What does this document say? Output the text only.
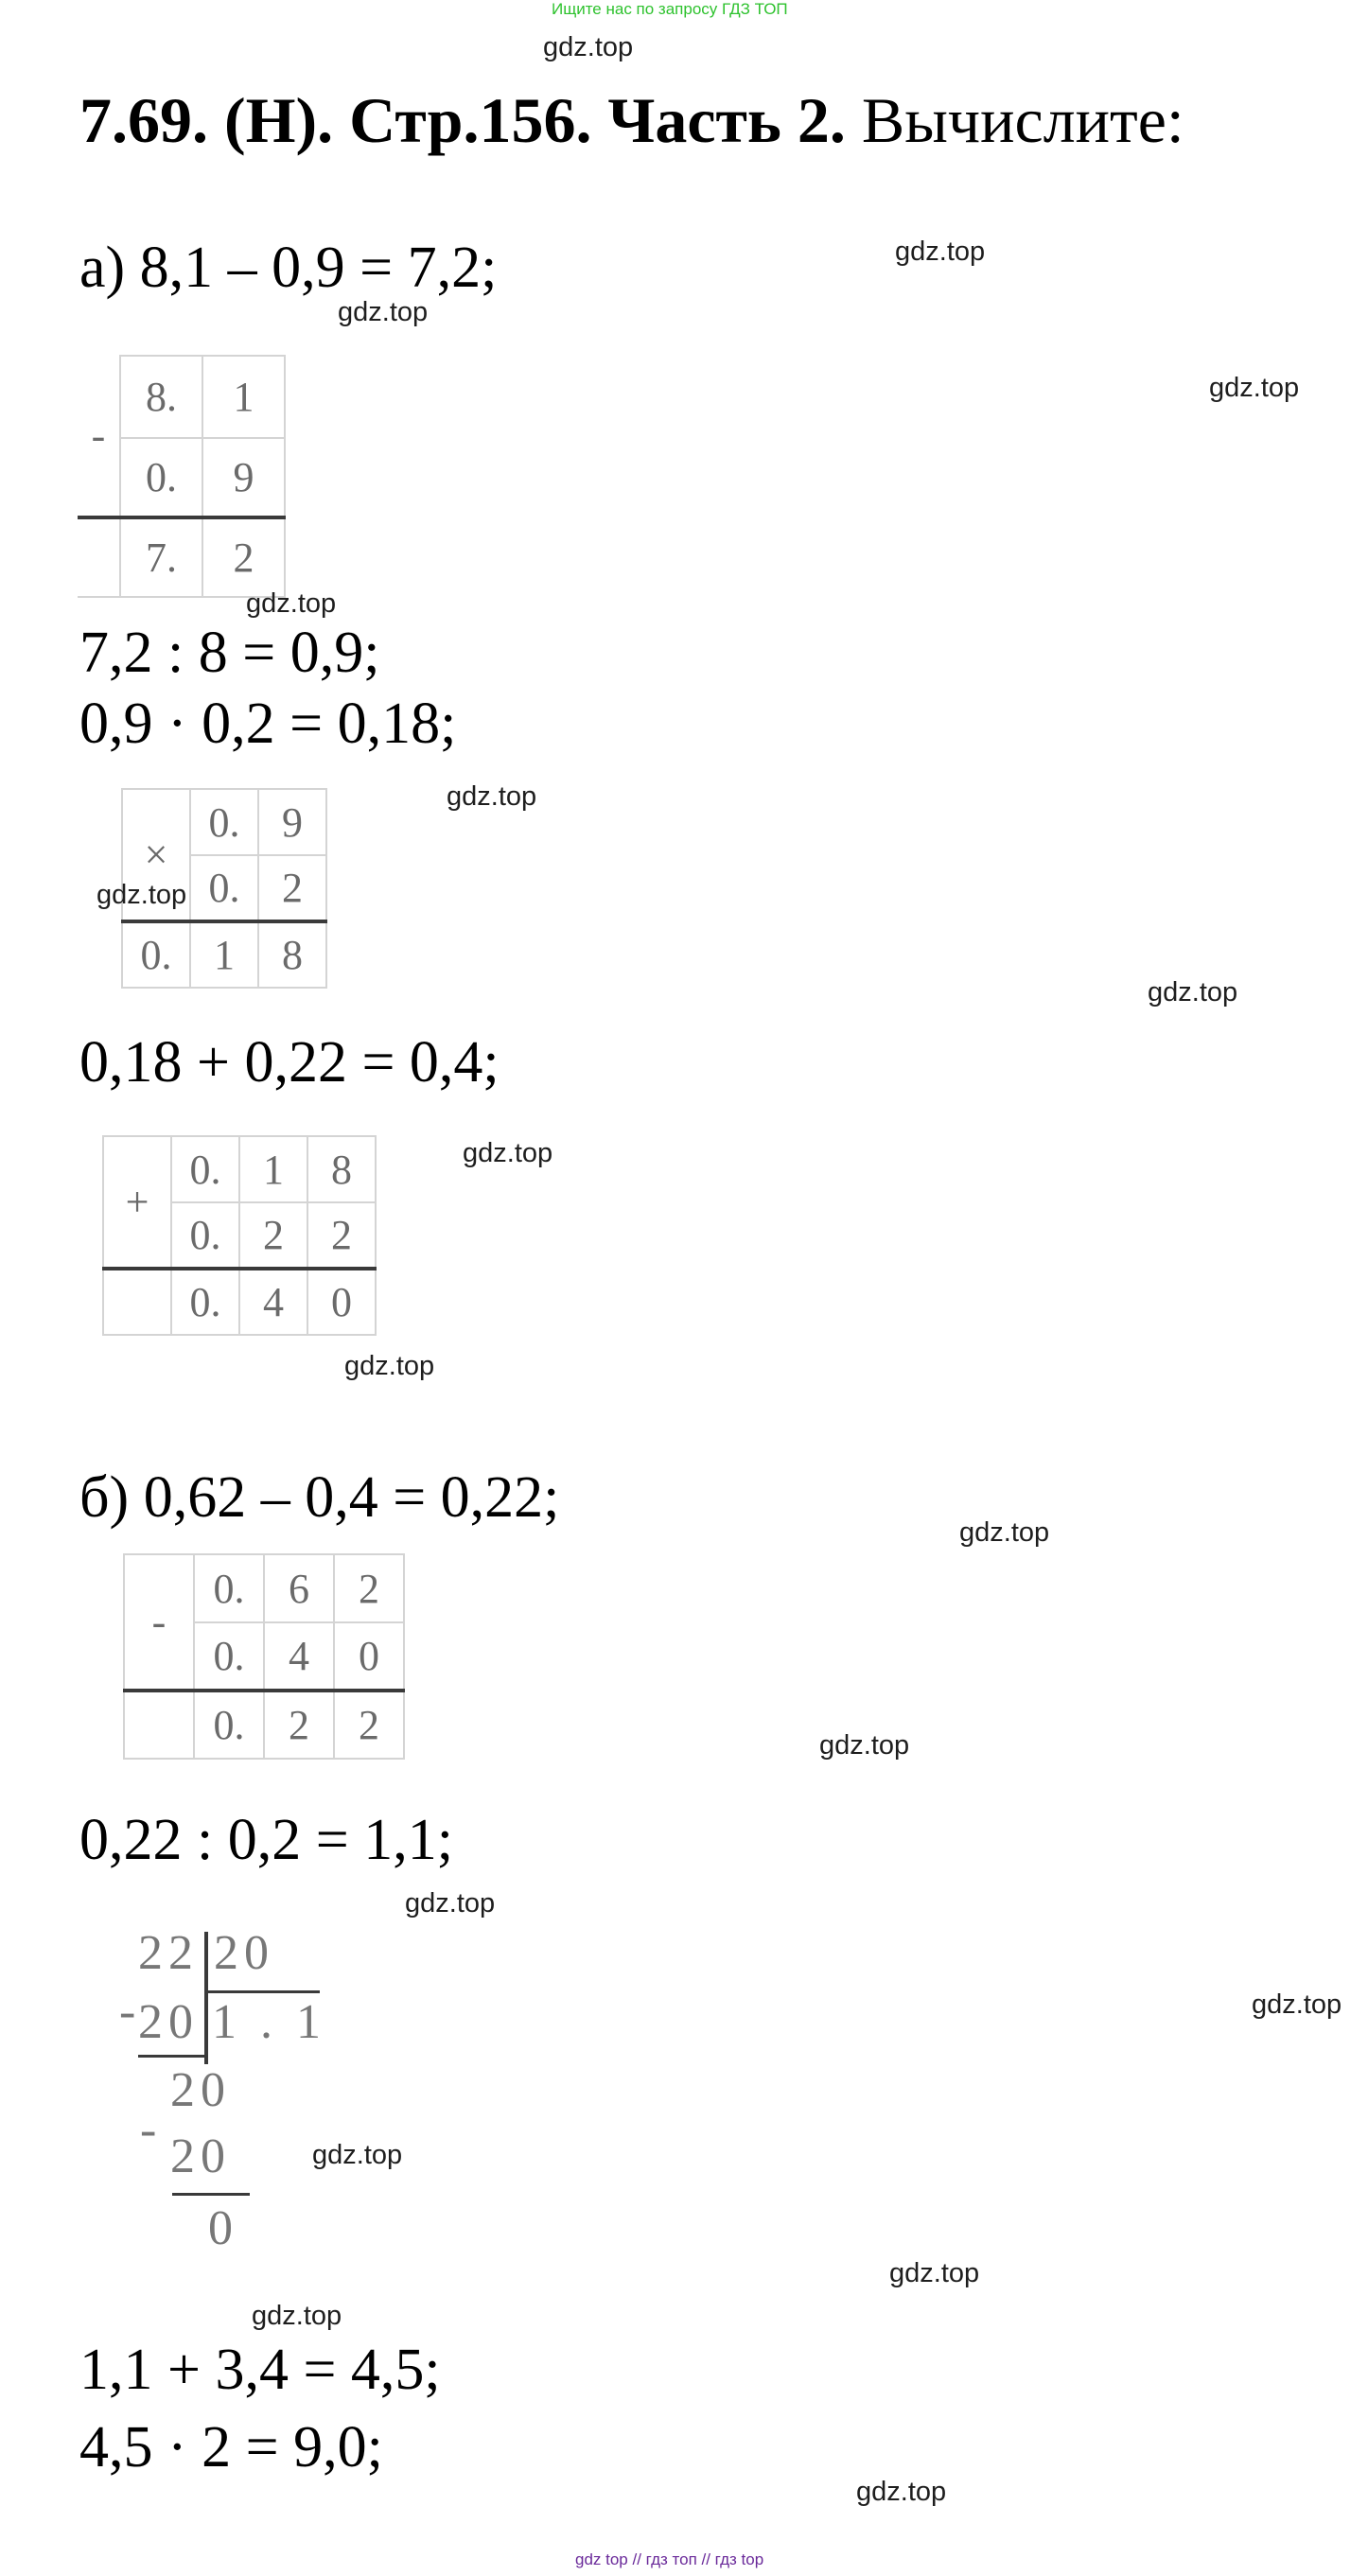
Ищите нас по запросу ГДЗ ТОП
gdz.top
7.69. (Н). Стр.156. Часть 2. Вычислите:
а) 8,1 – 0,9 = 7,2;	gdz.top
gdz.top
gdz.top
-	8.	1
	0.	9
	7.	2
gdz.top
7,2 : 8 = 0,9;
0,9 · 0,2 = 0,18;
gdz.top
×	0.	9
	0.	2
0.	1	8
gdz.top
gdz.top
0,18 + 0,22 = 0,4;
gdz.top
+	0.	1	8
	0.	2	2
	0.	4	0
gdz.top
б) 0,62 – 0,4 = 0,22;
gdz.top
-	0.	6	2
	0.	4	0
	0.	2	2	gdz.top
0,22 : 0,2 = 1,1;
gdz.top
22 20
-
20 1 . 1
20
- 20
0
gdz.top
gdz.top
gdz.top
gdz.top
1,1 + 3,4 = 4,5;
4,5 · 2 = 9,0;
gdz.top
gdz top // гдз топ // гдз top
